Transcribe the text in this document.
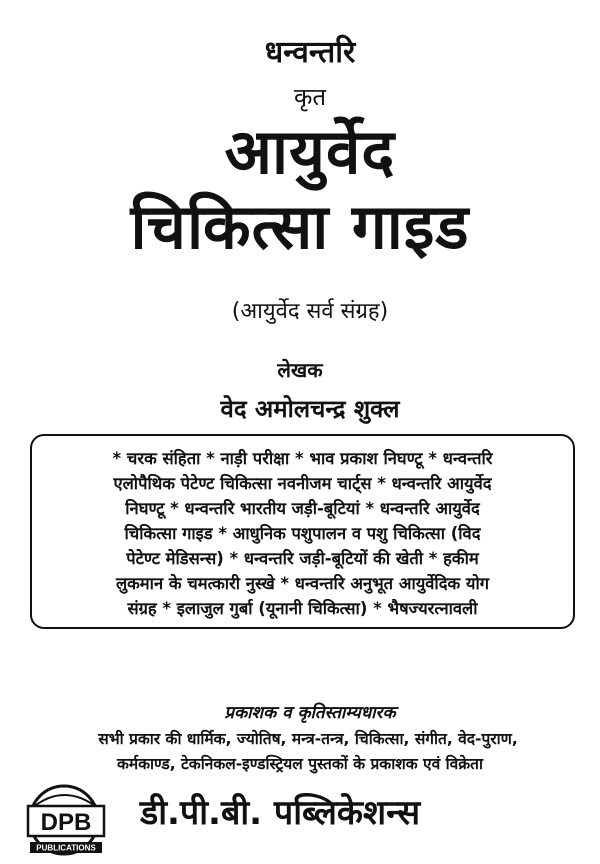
धन्वन्तरि
कृत
आयुर्वेद
चिकित्सा गाइड
(आयुर्वेद सर्व संग्रह)
लेखक
वेद अमोलचन्द्र शुक्ल
* चरक संहिता * नाड़ी परीक्षा * भाव प्रकाश निघण्टू * धन्वन्तरि
एलोपैथिक पेटेण्ट चिकित्सा नवनीजम चार्ट्स * धन्वन्तरि आयुर्वेद
निघण्टू * धन्वन्तरि भारतीय जड़ी-बूटियां * धन्वन्तरि आयुर्वेद
चिकित्सा गाइड * आधुनिक पशुपालन व पशु चिकित्सा (विद
पेटेण्ट मेडिसन्स) * धन्वन्तरि जड़ी-बूटियों की खेती * हकीम
लुकमान के चमत्कारी नुस्खे * धन्वन्तरि अनुभूत आयुर्वेदिक योग
संग्रह * इलाजुल गुर्बा (यूनानी चिकित्सा) * भैषज्यरत्नावली
प्रकाशक व कृतिस्ताम्यधारक
सभी प्रकार की धार्मिक, ज्योतिष, मन्त्र-तन्त्र, चिकित्सा, संगीत, वेद-पुराण,
कर्मकाण्ड, टेकनिकल-इण्डस्ट्रियल पुस्तकों के प्रकाशक एवं विक्रेता
DPB
PUBLICATIONS
डी.पी.बी. पब्लिकेशन्स
